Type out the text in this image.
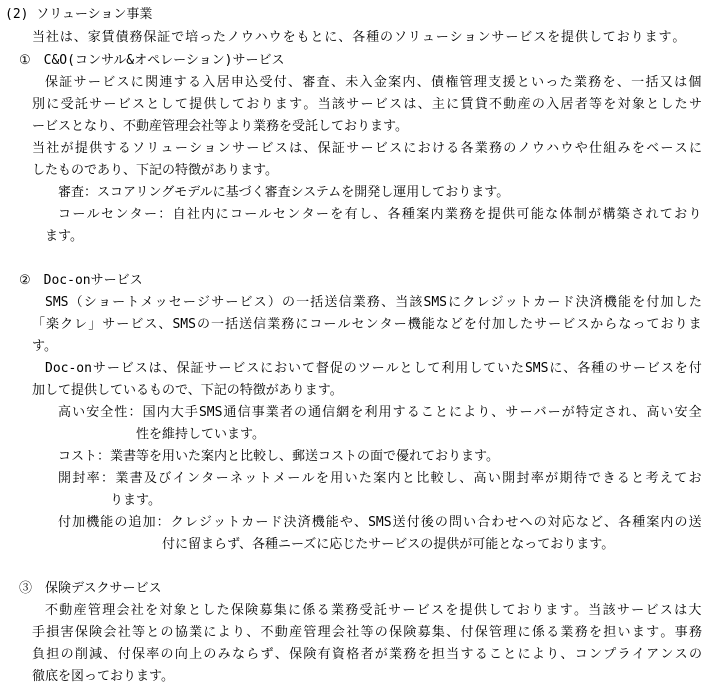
(2) ソリューション事業
当 社 は 、 家 賃 債 務 保 証 で 培 っ た ノ ウ ハ ウ を も と に 、 各 種 の ソ リ ュ ー シ ョ ン サ ー ビ ス を 提 供 し て お り ま す 。
①　C&O(コンサル&オペレーション)サービス
保 証 サ ー ビ ス に 関 連 す る 入 居 申 込 受 付 、 審 査 、 未 入 金 案 内 、 債 権 管 理 支 援 と い っ た 業 務 を 、 一 括 又 は 個
別 に 受 託 サ ー ビ ス と し て 提 供 し て お り ま す 。 当 該 サ ー ビ ス は 、 主 に 賃 貸 不 動 産 の 入 居 者 等 を 対 象 と し た サ
ービスとなり、不動産管理会社等より業務を受託しております。
当 社 が 提 供 す る ソ リ ュ ー シ ョ ン サ ー ビ ス は 、 保 証 サ ー ビ ス に お け る 各 業 務 の ノ ウ ハ ウ や 仕 組 み を ベ ー ス に
したものであり、下記の特徴があります。
審査：スコアリングモデルに基づく審査システムを開発し運用しております。
コ ー ル セ ン タ ー ： 自 社 内 に コ ー ル セ ン タ ー を 有 し 、 各 種 案 内 業 務 を 提 供 可 能 な 体 制 が 構 築 さ れ て お り
ます。
②　Doc-onサービス
SMS （ シ ョ ー ト メ ッ セ ー ジ サ ー ビ ス ） の 一 括 送 信 業 務 、 当 該 SMS に ク レ ジ ッ ト カ ー ド 決 済 機 能 を 付 加 し た
「 楽 ク レ 」 サ ー ビ ス 、 SMS の 一 括 送 信 業 務 に コ ー ル セ ン タ ー 機 能 な ど を 付 加 し た サ ー ビ ス か ら な っ て お り ま
す。
Doc-on サ ー ビ ス は 、 保 証 サ ー ビ ス に お い て 督 促 の ツ ー ル と し て 利 用 し て い た SMS に 、 各 種 の サ ー ビ ス を 付
加して提供しているもので、下記の特徴があります。
高 い 安 全 性 ： 国 内 大 手 SMS 通 信 事 業 者 の 通 信 網 を 利 用 す る こ と に よ り 、 サ ー バ ー が 特 定 さ れ 、 高 い 安 全
性を維持しています。
コスト：業書等を用いた案内と比較し、郵送コストの面で優れております。
開 封 率 ： 業 書 及 び イ ン タ ー ネ ッ ト メ ー ル を 用 い た 案 内 と 比 較 し 、 高 い 開 封 率 が 期 待 で き る と 考 え て お
ります。
付 加 機 能 の 追 加 ： ク レ ジ ッ ト カ ー ド 決 済 機 能 や 、 SMS 送 付 後 の 問 い 合 わ せ へ の 対 応 な ど 、 各 種 案 内 の 送
付に留まらず、各種ニーズに応じたサービスの提供が可能となっております。
③　保険デスクサービス
不 動 産 管 理 会 社 を 対 象 と し た 保 険 募 集 に 係 る 業 務 受 託 サ ー ビ ス を 提 供 し て お り ま す 。 当 該 サ ー ビ ス は 大
手 損 害 保 険 会 社 等 と の 協 業 に よ り 、 不 動 産 管 理 会 社 等 の 保 険 募 集 、 付 保 管 理 に 係 る 業 務 を 担 い ま す 。 事 務
負 担 の 削 減 、 付 保 率 の 向 上 の み な ら ず 、 保 険 有 資 格 者 が 業 務 を 担 当 す る こ と に よ り 、 コ ン プ ラ イ ア ン ス の
徹底を図っております。
